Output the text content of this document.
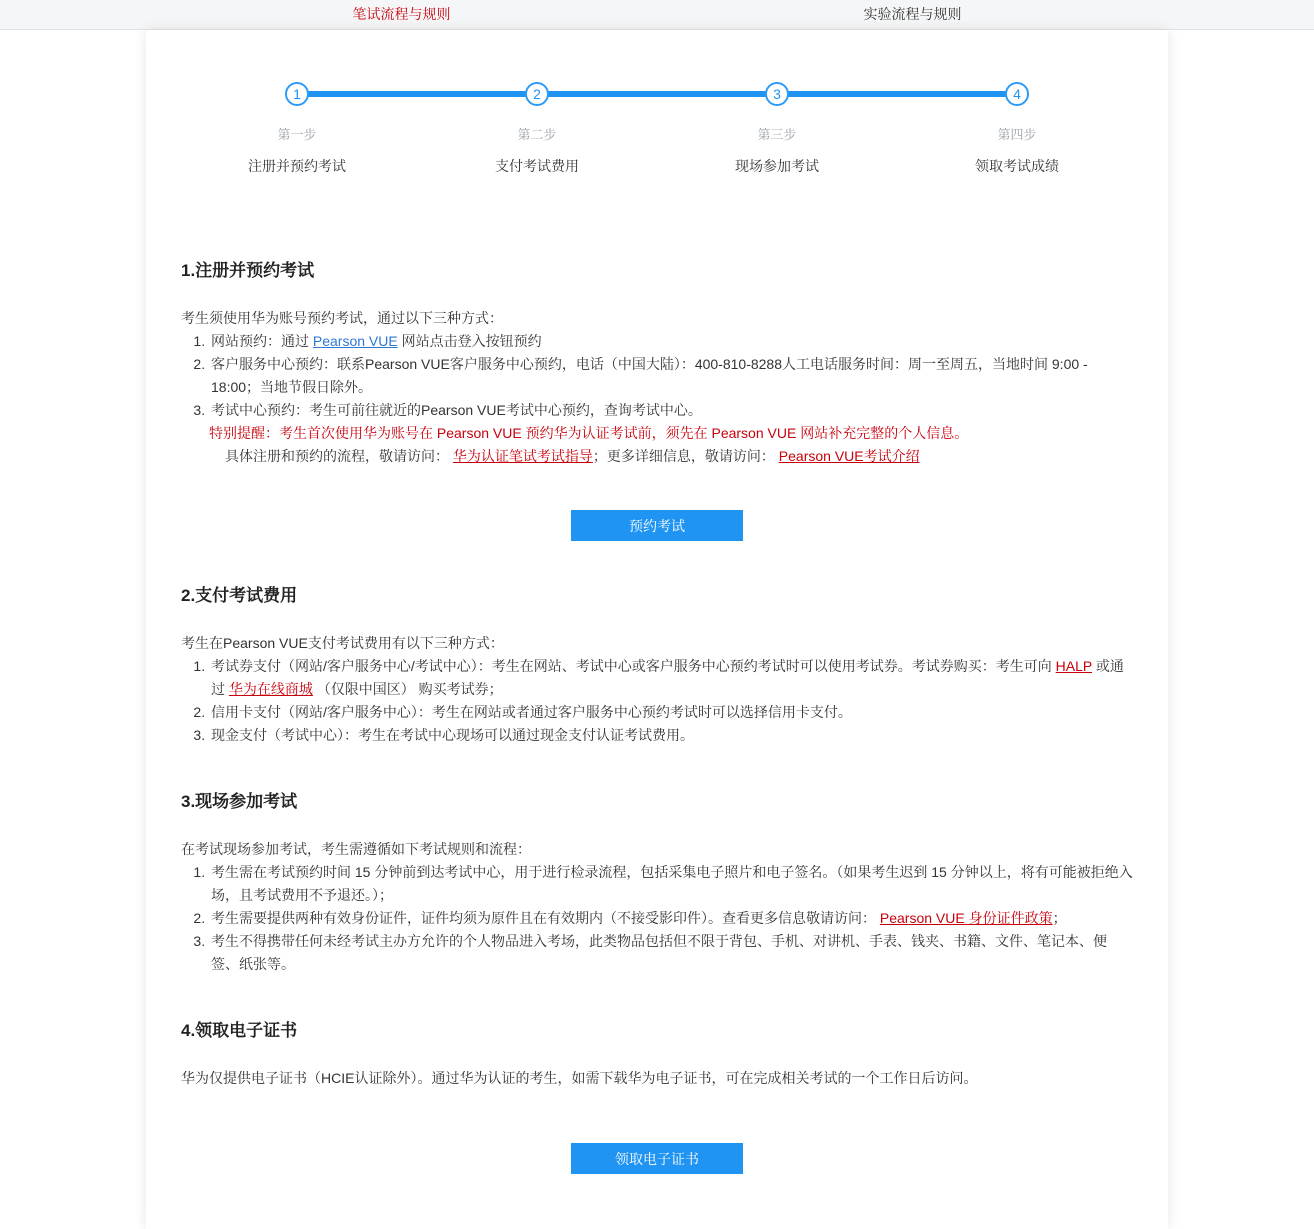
笔试流程与规则	实验流程与规则
1
第一步
注册并预约考试
2
第二步
支付考试费用
3
第三步
现场参加考试
4
第四步
领取考试成绩
1.注册并预约考试

考生须使用华为账号预约考试，通过以下三种方式：

1. 网站预约：通过 Pearson VUE 网站点击登入按钮预约
2. 客户服务中心预约：联系Pearson VUE客户服务中心预约，电话（中国大陆）：400-810-8288人工电话服务时间：周一至周五，当地时间 9:00 - 18:00；当地节假日除外。
3. 考试中心预约：考生可前往就近的Pearson VUE考试中心预约，查询考试中心。

特别提醒：考生首次使用华为账号在 Pearson VUE 预约华为认证考试前，须先在 Pearson VUE 网站补充完整的个人信息。

具体注册和预约的流程，敬请访问： 华为认证笔试考试指导；更多详细信息，敬请访问： Pearson VUE考试介绍

预约考试
2.支付考试费用

考生在Pearson VUE支付考试费用有以下三种方式：

1. 考试券支付（网站/客户服务中心/考试中心）：考生在网站、考试中心或客户服务中心预约考试时可以使用考试券。考试券购买：考生可向 HALP 或通过 华为在线商城 （仅限中国区） 购买考试券；
2. 信用卡支付（网站/客户服务中心）：考生在网站或者通过客户服务中心预约考试时可以选择信用卡支付。
3. 现金支付（考试中心）：考生在考试中心现场可以通过现金支付认证考试费用。
3.现场参加考试

在考试现场参加考试，考生需遵循如下考试规则和流程：

1. 考生需在考试预约时间 15 分钟前到达考试中心，用于进行检录流程，包括采集电子照片和电子签名。（如果考生迟到 15 分钟以上，将有可能被拒绝入场，且考试费用不予退还。）；
2. 考生需要提供两种有效身份证件，证件均须为原件且在有效期内（不接受影印件）。查看更多信息敬请访问： Pearson VUE 身份证件政策；
3. 考生不得携带任何未经考试主办方允许的个人物品进入考场，此类物品包括但不限于背包、手机、对讲机、手表、钱夹、书籍、文件、笔记本、便签、纸张等。
4.领取电子证书

华为仅提供电子证书（HCIE认证除外）。通过华为认证的考生，如需下载华为电子证书，可在完成相关考试的一个工作日后访问。

领取电子证书
